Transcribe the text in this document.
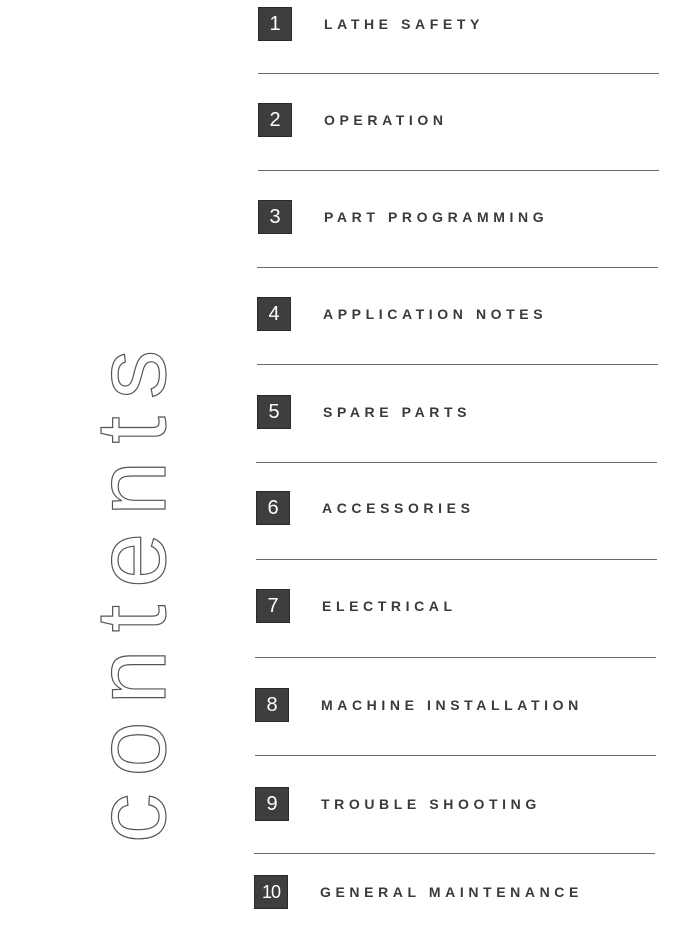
contents
1	LATHE SAFETY
2	OPERATION
3	PART PROGRAMMING
4	APPLICATION NOTES
5	SPARE PARTS
6	ACCESSORIES
7	ELECTRICAL
8	MACHINE INSTALLATION
9	TROUBLE SHOOTING
10	GENERAL MAINTENANCE
